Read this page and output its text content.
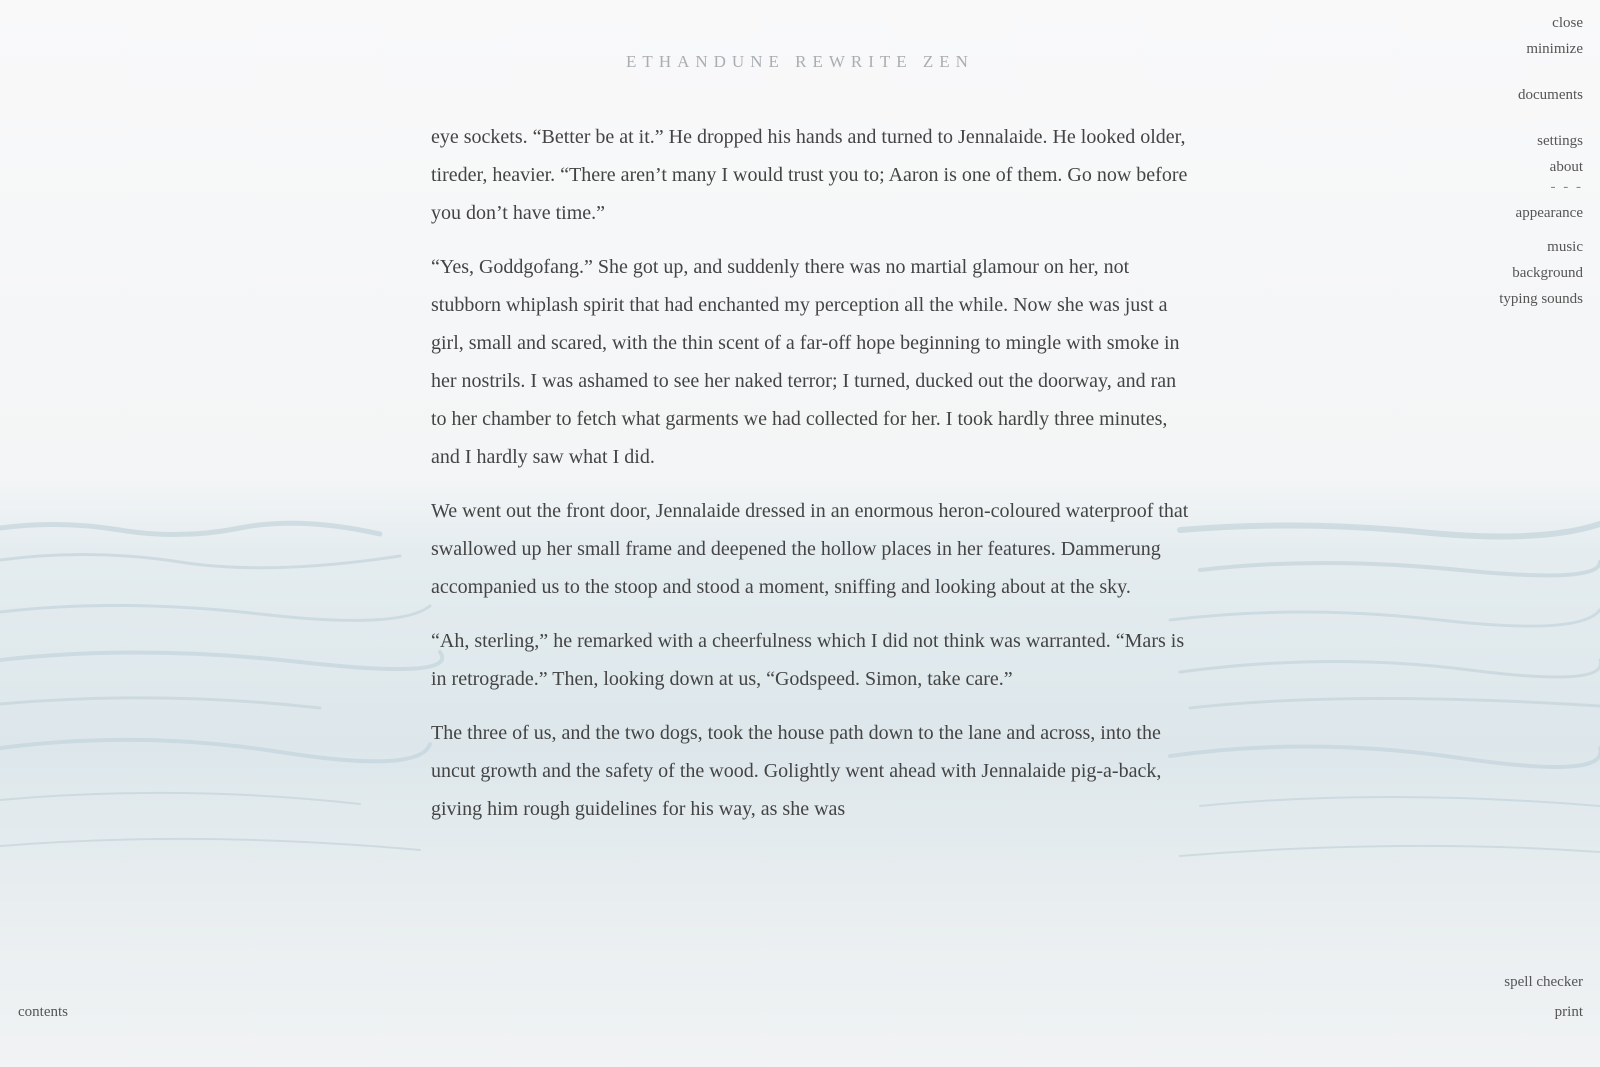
ETHANDUNE REWRITE ZEN

eye sockets. “Better be at it.” He dropped his hands and turned to Jennalaide. He looked older, tireder, heavier. “There aren’t many I would trust you to; Aaron is one of them. Go now before you don’t have time.”

“Yes, Goddgofang.” She got up, and suddenly there was no martial glamour on her, not stubborn whiplash spirit that had enchanted my perception all the while. Now she was just a girl, small and scared, with the thin scent of a far-off hope beginning to mingle with smoke in her nostrils. I was ashamed to see her naked terror; I turned, ducked out the doorway, and ran to her chamber to fetch what garments we had collected for her. I took hardly three minutes, and I hardly saw what I did.

We went out the front door, Jennalaide dressed in an enormous heron-coloured waterproof that swallowed up her small frame and deepened the hollow places in her features. Dammerung accompanied us to the stoop and stood a moment, sniffing and looking about at the sky.

“Ah, sterling,” he remarked with a cheerfulness which I did not think was warranted. “Mars is in retrograde.” Then, looking down at us, “Godspeed. Simon, take care.”

The three of us, and the two dogs, took the house path down to the lane and across, into the uncut growth and the safety of the wood. Golightly went ahead with Jennalaide pig-a-back, giving him rough guidelines for his way, as she was

close
minimize
documents
settings
about
- - -
appearance
music
background
typing sounds
spell checker
print
contents
